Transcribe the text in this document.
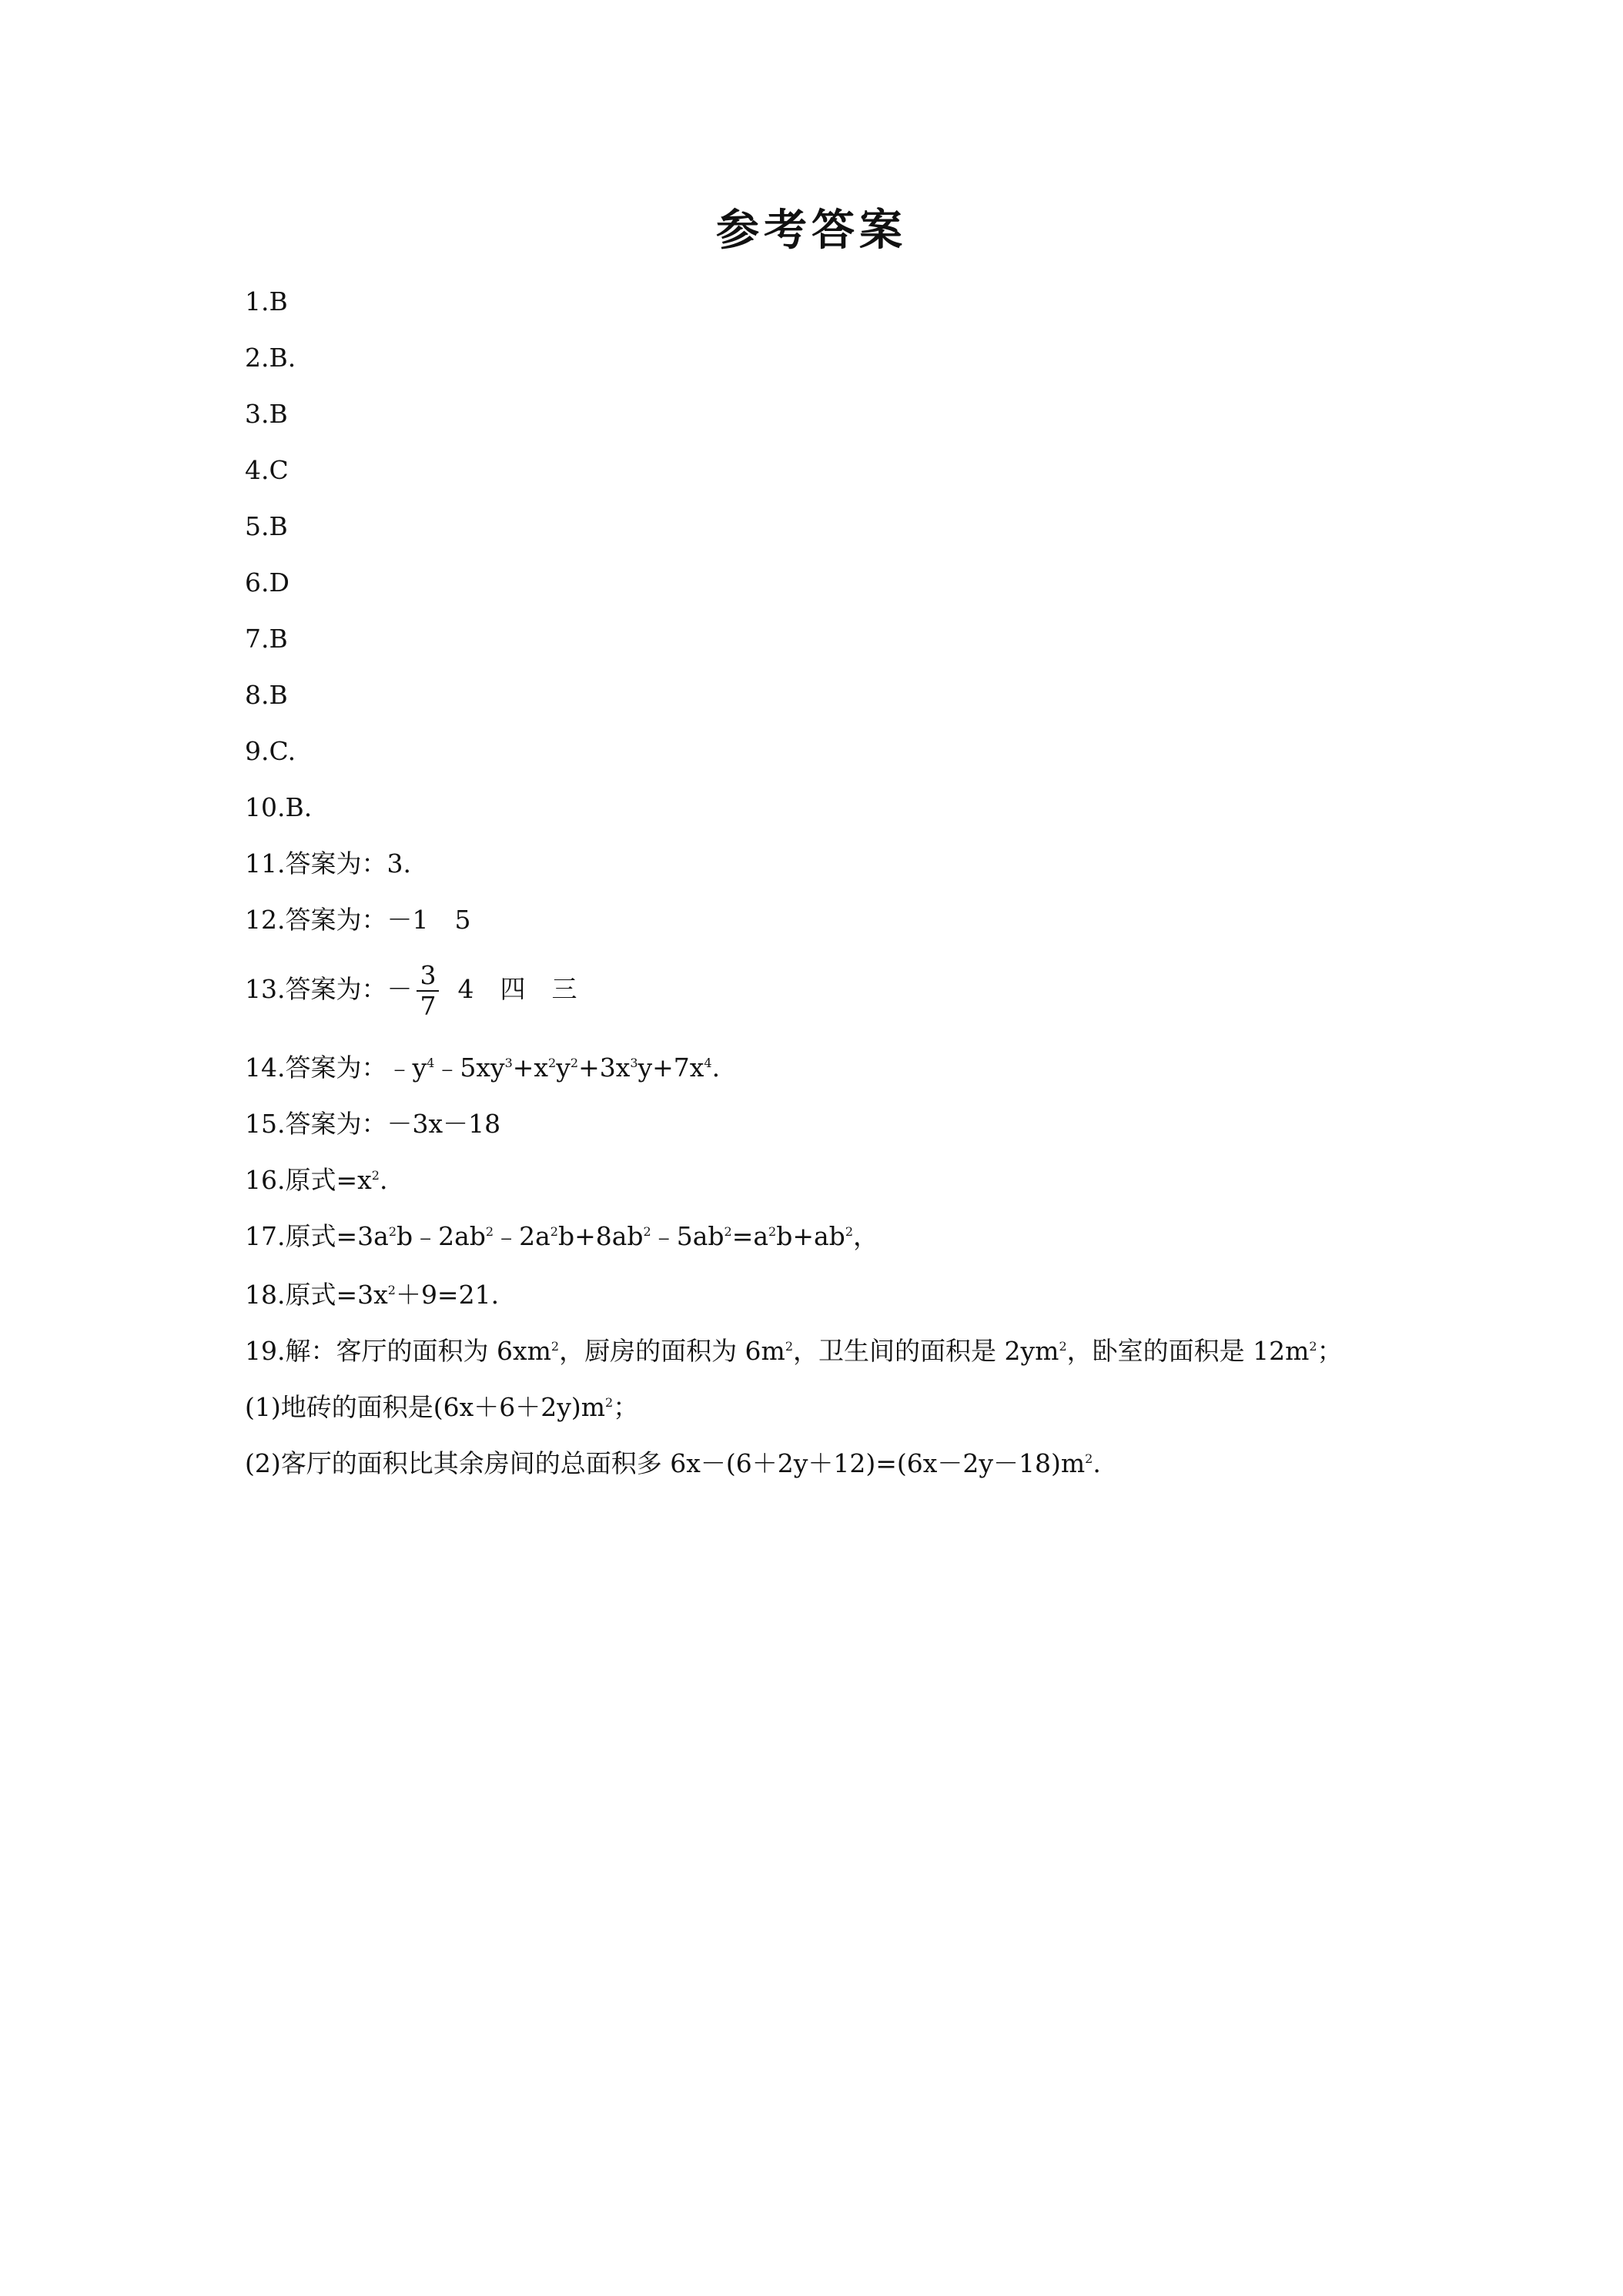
参考答案
1.B
2.B.
3.B
4.C
5.B
6.D
7.B
8.B
9.C.
10.B.
11.答案为：3.
12.答案为：－1 5
13.答案为：－ $\frac{3}{7} 4$ 四 三
14.答案为：$﹣y^4﹣5xy^3+x^2y^2+3x^3y+7x^4$.
15.答案为：－3x－18
16.原式$=x^2$.
17.原式$=3a^2b﹣2ab^2﹣2a^2b+8ab^2﹣5ab^2=a^2b+ab^2$，
18.原式$=3x^2+9=21$.
19.解：客厅的面积为 $6xm^2$，厨房的面积为 $6m^2$，卫生间的面积是 $2ym^2$，卧室的面积是 $12m^2$；
(1)地砖的面积是$(6x+6+2y)m^2$；
(2)客厅的面积比其余房间的总面积多 $6x-(6+2y+12)=(6x-2y-18)m^2$.
